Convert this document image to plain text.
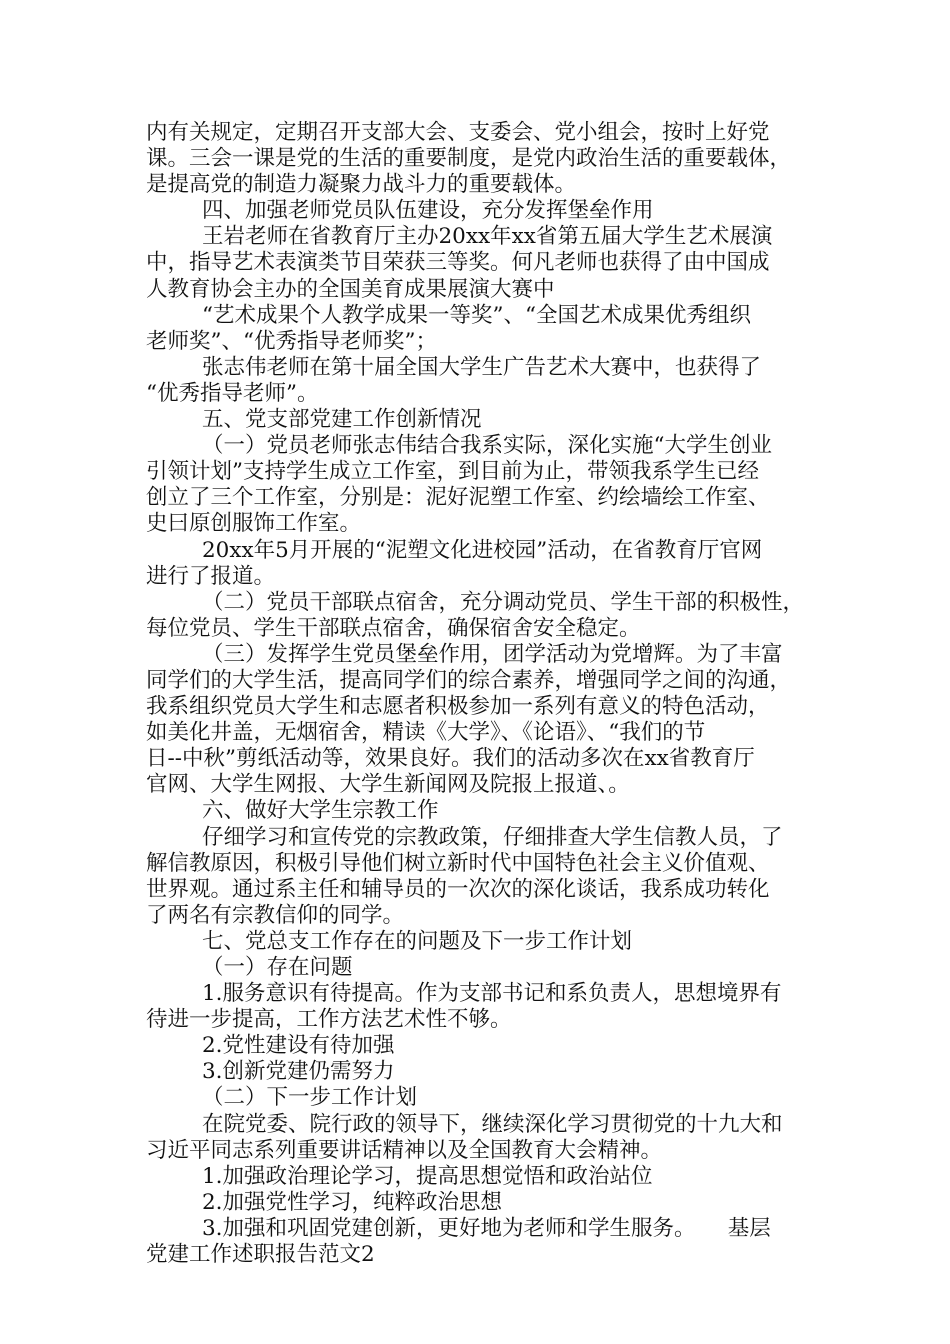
内有关规定，定期召开支部大会、支委会、党小组会，按时上好党
课。三会一课是党的生活的重要制度，是党内政治生活的重要载体，
是提高党的制造力凝聚力战斗力的重要载体。
四、加强老师党员队伍建设，充分发挥堡垒作用
王岩老师在省教育厅主办20xx年xx省第五届大学生艺术展演
中，指导艺术表演类节目荣获三等奖。何凡老师也获得了由中国成
人教育协会主办的全国美育成果展演大赛中
“艺术成果个人教学成果一等奖”、“全国艺术成果优秀组织
老师奖”、“优秀指导老师奖”；
张志伟老师在第十届全国大学生广告艺术大赛中，也获得了
“优秀指导老师”。
五、党支部党建工作创新情况
（一）党员老师张志伟结合我系实际，深化实施“大学生创业
引领计划”支持学生成立工作室，到目前为止，带领我系学生已经
创立了三个工作室，分别是：泥好泥塑工作室、约绘墙绘工作室、
史曰原创服饰工作室。
20xx年5月开展的“泥塑文化进校园”活动，在省教育厅官网
进行了报道。
（二）党员干部联点宿舍，充分调动党员、学生干部的积极性，
每位党员、学生干部联点宿舍，确保宿舍安全稳定。
（三）发挥学生党员堡垒作用，团学活动为党增辉。为了丰富
同学们的大学生活，提高同学们的综合素养，增强同学之间的沟通，
我系组织党员大学生和志愿者积极参加一系列有意义的特色活动，
如美化井盖，无烟宿舍，精读《大学》、《论语》、“我们的节
日--中秋”剪纸活动等，效果良好。我们的活动多次在xx省教育厅
官网、大学生网报、大学生新闻网及院报上报道、。
六、做好大学生宗教工作
仔细学习和宣传党的宗教政策，仔细排查大学生信教人员，了
解信教原因，积极引导他们树立新时代中国特色社会主义价值观、
世界观。通过系主任和辅导员的一次次的深化谈话，我系成功转化
了两名有宗教信仰的同学。
七、党总支工作存在的问题及下一步工作计划
（一）存在问题
1.服务意识有待提高。作为支部书记和系负责人，思想境界有
待进一步提高，工作方法艺术性不够。
2.党性建设有待加强
3.创新党建仍需努力
（二）下一步工作计划
在院党委、院行政的领导下，继续深化学习贯彻党的十九大和
习近平同志系列重要讲话精神以及全国教育大会精神。
1.加强政治理论学习，提高思想觉悟和政治站位
2.加强党性学习，纯粹政治思想
3.加强和巩固党建创新，更好地为老师和学生服务。　　基层
党建工作述职报告范文2
